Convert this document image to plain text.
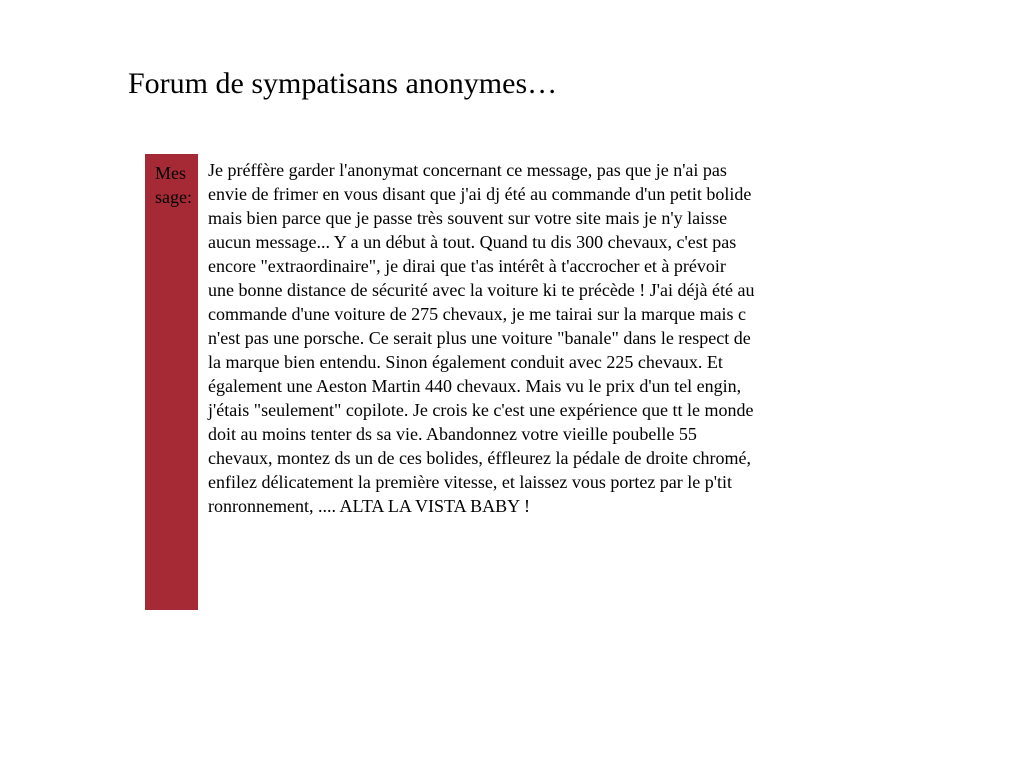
Forum de sympatisans anonymes…
Message:

Je préffère garder l'anonymat concernant ce message, pas que je n'ai pas envie de frimer en vous disant que j'ai dj été au commande d'un petit bolide mais bien parce que je passe très souvent sur votre site mais je n'y laisse aucun message... Y a un début à tout. Quand tu dis 300 chevaux, c'est pas encore "extraordinaire", je dirai que t'as intérêt à t'accrocher et à prévoir une bonne distance de sécurité avec la voiture ki te précède ! J'ai déjà été au commande d'une voiture de 275 chevaux, je me tairai sur la marque mais c n'est pas une porsche. Ce serait plus une voiture "banale" dans le respect de la marque bien entendu. Sinon également conduit avec 225 chevaux. Et également une Aeston Martin 440 chevaux. Mais vu le prix d'un tel engin, j'étais "seulement" copilote. Je crois ke c'est une expérience que tt le monde doit au moins tenter ds sa vie. Abandonnez votre vieille poubelle 55 chevaux, montez ds un de ces bolides, éffleurez la pédale de droite chromé, enfilez délicatement la première vitesse, et laissez vous portez par le p'tit ronronnement, .... ALTA LA VISTA BABY !
